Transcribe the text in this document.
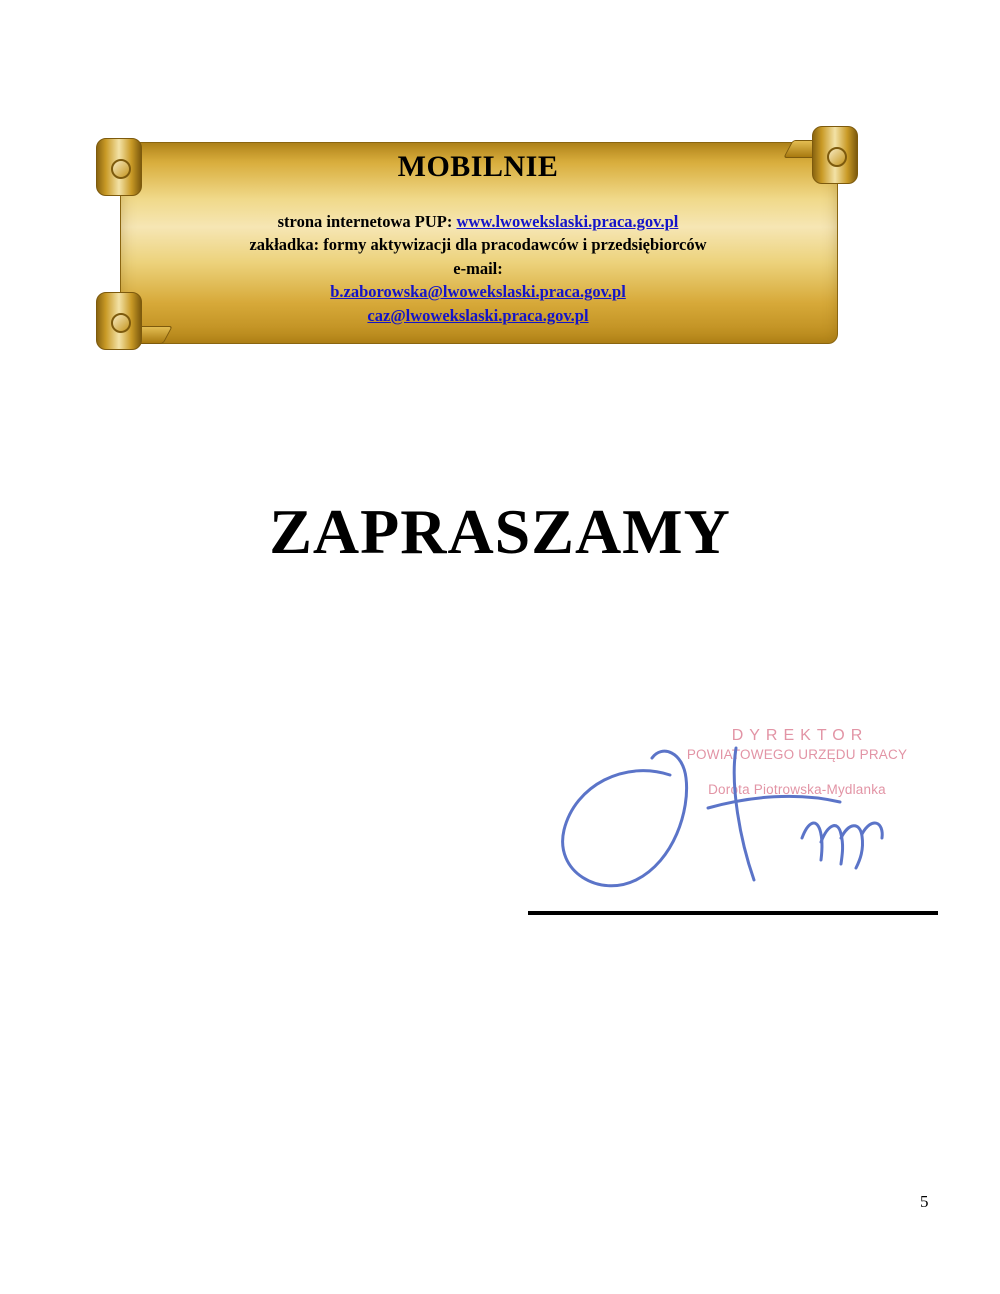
MOBILNIE
strona internetowa PUP: www.lwowekslaski.praca.gov.pl
zakładka: formy aktywizacji dla pracodawców i przedsiębiorców
e-mail:
b.zaborowska@lwowekslaski.praca.gov.pl
caz@lwowekslaski.praca.gov.pl
ZAPRASZAMY
DYREKTOR
POWIATOWEGO URZĘDU PRACY
Dorota Piotrowska-Mydlanka
5
